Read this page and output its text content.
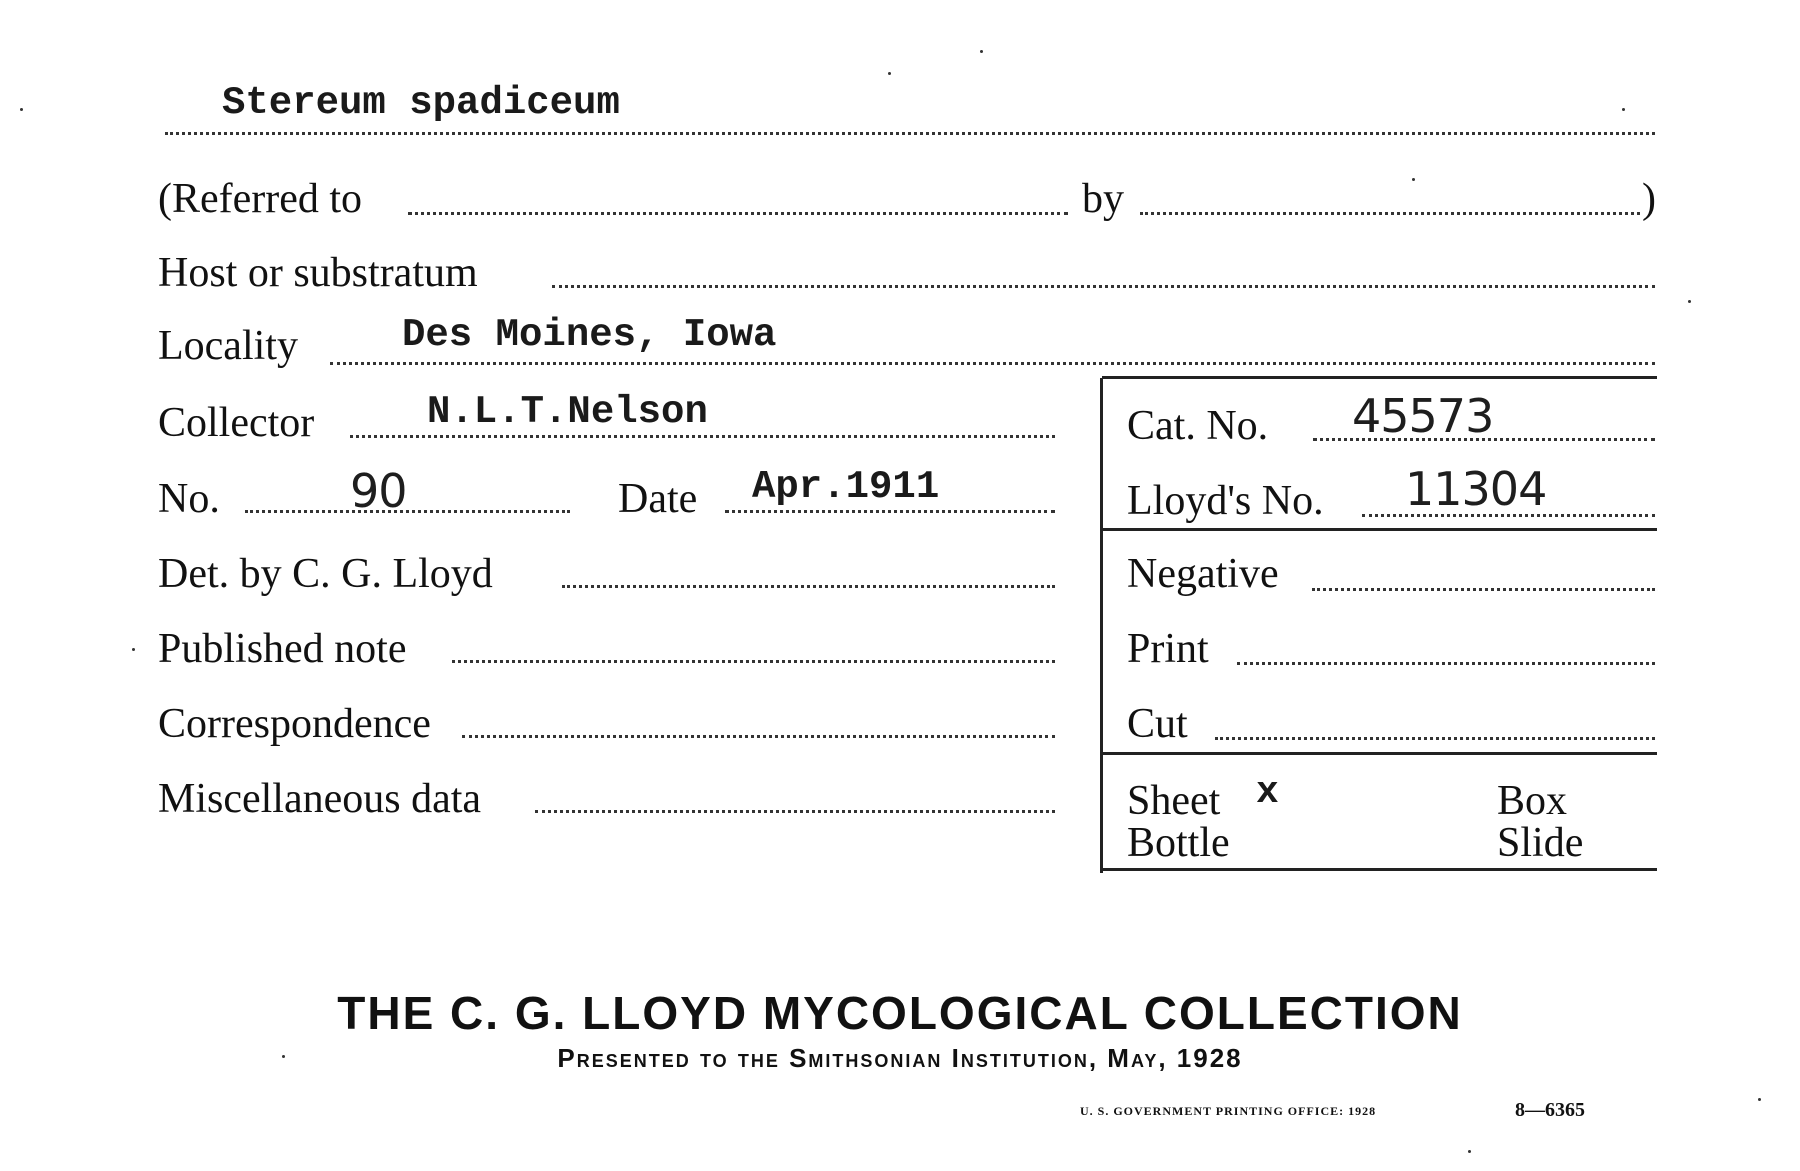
Stereum spadiceum
(Referred to	by	)
Host or substratum
Locality	Des Moines, Iowa
Collector	N.L.T.Nelson	Cat. No. 45573
No.	90	Date Apr.1911	Lloyd's No. 11304
Det. by C. G. Lloyd	Negative
Published note	Print
Correspondence	Cut
Miscellaneous data	Sheet x	Box
Bottle	Slide
THE C. G. LLOYD MYCOLOGICAL COLLECTION
Presented to the Smithsonian Institution, May, 1928
U. S. GOVERNMENT PRINTING OFFICE: 1928	8—6365
